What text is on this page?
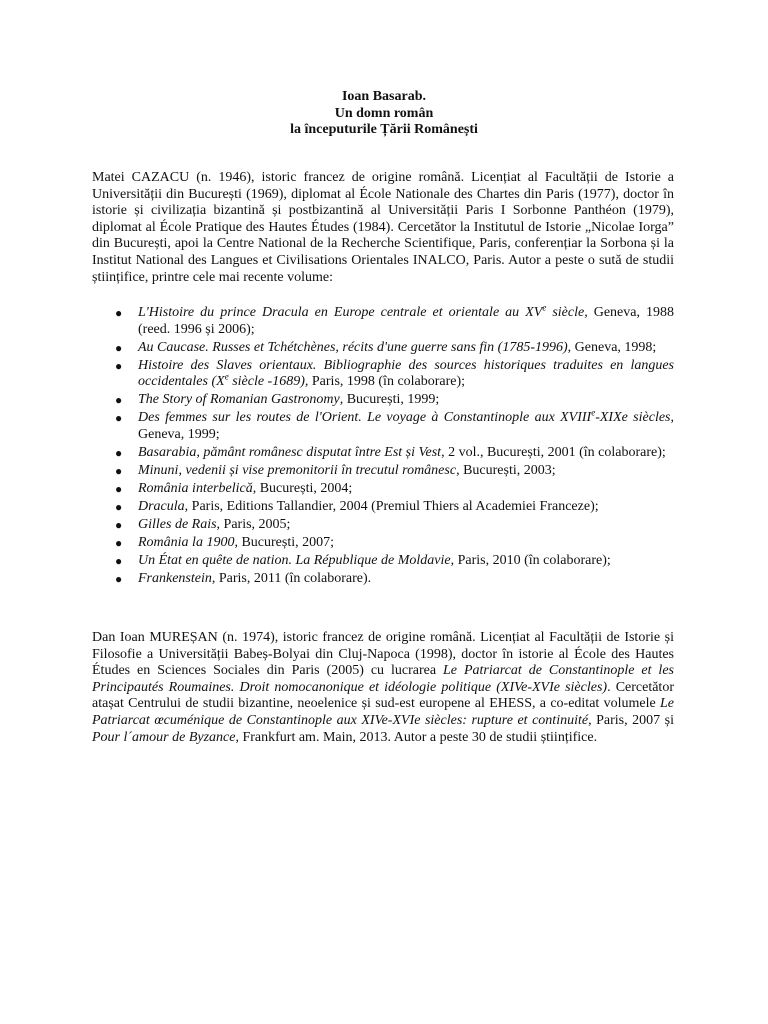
Ioan Basarab.
Un domn român
la începuturile Țării Românești

Matei CAZACU (n. 1946), istoric francez de origine română. Licențiat al Facultății de Istorie a Universității din București (1969), diplomat al École Nationale des Chartes din Paris (1977), doctor în istorie și civilizația bizantină și postbizantină al Universității Paris I Sorbonne Panthéon (1979), diplomat al École Pratique des Hautes Études (1984). Cercetător la Institutul de Istorie „Nicolae Iorga” din București, apoi la Centre National de la Recherche Scientifique, Paris, conferențiar la Sorbona și la Institut National des Langues et Civilisations Orientales INALCO, Paris. Autor a peste o sută de studii științifice, printre cele mai recente volume:

● L'Histoire du prince Dracula en Europe centrale et orientale au XVe siècle, Geneva, 1988 (reed. 1996 și 2006);
● Au Caucase. Russes et Tchétchènes, récits d'une guerre sans fin (1785-1996), Geneva, 1998;
● Histoire des Slaves orientaux. Bibliographie des sources historiques traduites en langues occidentales (Xe siècle -1689), Paris, 1998 (în colaborare);
● The Story of Romanian Gastronomy, București, 1999;
● Des femmes sur les routes de l'Orient. Le voyage à Constantinople aux XVIIIe-XIXe siècles, Geneva, 1999;
● Basarabia, pământ românesc disputat între Est și Vest, 2 vol., București, 2001 (în colaborare);
● Minuni, vedenii și vise premonitorii în trecutul românesc, București, 2003;
● România interbelică, București, 2004;
● Dracula, Paris, Editions Tallandier, 2004 (Premiul Thiers al Academiei Franceze);
● Gilles de Rais, Paris, 2005;
● România la 1900, București, 2007;
● Un État en quête de nation. La République de Moldavie, Paris, 2010 (în colaborare);
● Frankenstein, Paris, 2011 (în colaborare).

Dan Ioan MUREȘAN (n. 1974), istoric francez de origine română. Licențiat al Facultății de Istorie și Filosofie a Universității Babeș-Bolyai din Cluj-Napoca (1998), doctor în istorie al École des Hautes Études en Sciences Sociales din Paris (2005) cu lucrarea Le Patriarcat de Constantinople et les Principautés Roumaines. Droit nomocanonique et idéologie politique (XIVe-XVIe siècles). Cercetător atașat Centrului de studii bizantine, neoelenice și sud-est europene al EHESS, a co-editat volumele Le Patriarcat œcuménique de Constantinople aux XIVe-XVIe siècles: rupture et continuité, Paris, 2007 și Pour l´amour de Byzance, Frankfurt am. Main, 2013. Autor a peste 30 de studii științifice.
